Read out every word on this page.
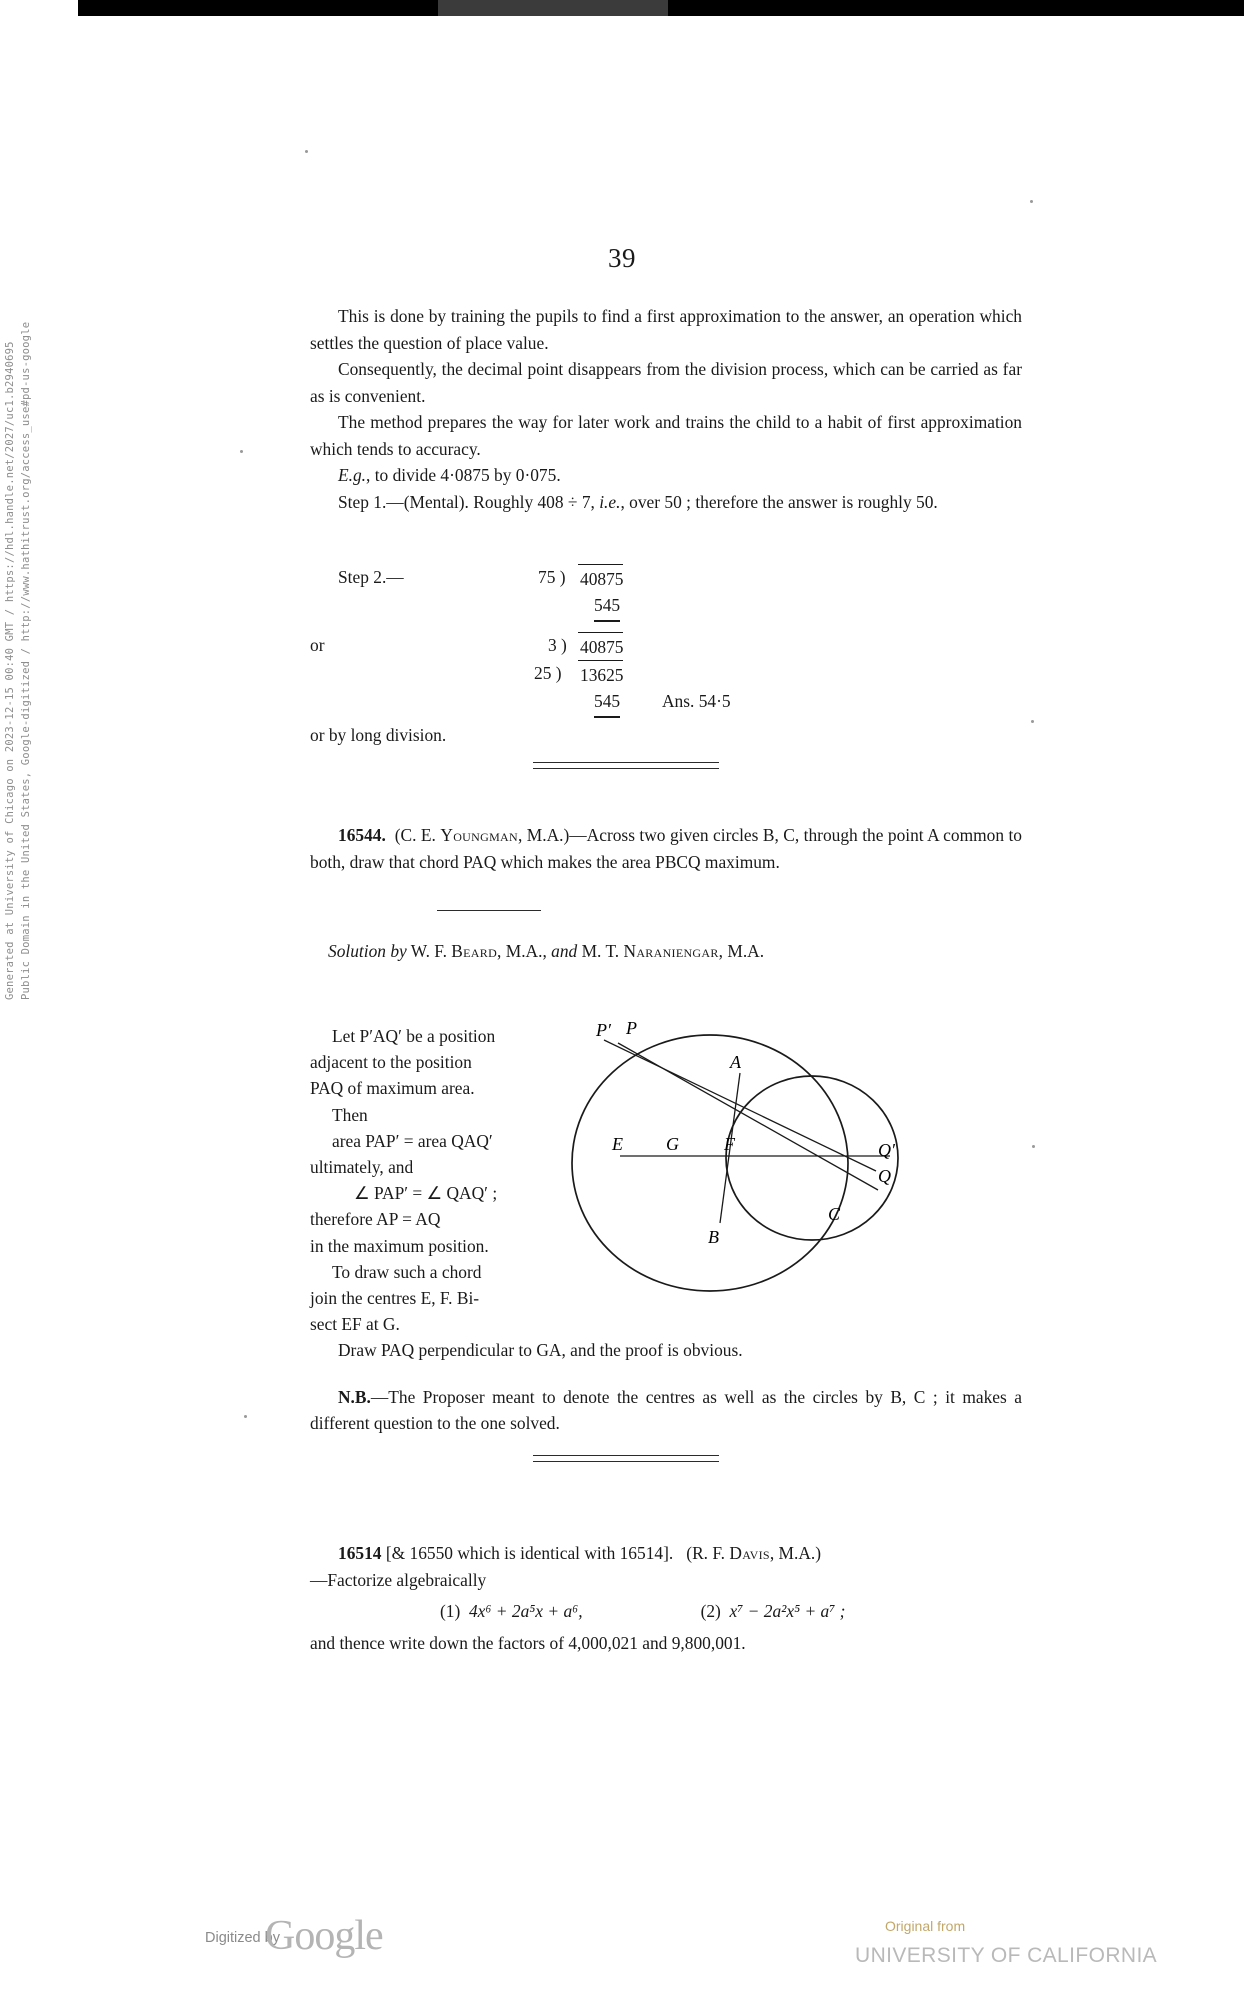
Generated at University of Chicago on 2023-12-15 00:40 GMT / https://hdl.handle.net/2027/uc1.b2940695 Public Domain in the United States, Google-digitized / http://www.hathitrust.org/access_use#pd-us-google
39

This is done by training the pupils to find a first approximation to the answer, an operation which settles the question of place value.

Consequently, the decimal point disappears from the division process, which can be carried as far as is convenient.

The method prepares the way for later work and trains the child to a habit of first approximation which tends to accuracy.

E.g., to divide 4·0875 by 0·075.

Step 1.—(Mental). Roughly 408 ÷ 7, i.e., over 50 ; therefore the answer is roughly 50.

Step 2.—	75 ) 40875
545
or	3 ) 40875
25 ) 13625
545 Ans. 54·5

or by long division.

16544. (C. E. Youngman, M.A.)—Across two given circles B, C, through the point A common to both, draw that chord PAQ which makes the area PBCQ maximum.

Solution by W. F. Beard, M.A., and M. T. Naraniengar, M.A.

Let P′AQ′ be a position

adjacent to the position

PAQ of maximum area.

Then

area PAP′ = area QAQ′

ultimately, and

∠ PAP′ = ∠ QAQ′ ;

therefore AP = AQ

in the maximum position.

To draw such a chord

join the centres E, F. Bi-

sect EF at G.

P′ P
A
E G	F	Q′
Q
B
C

Draw PAQ perpendicular to GA, and the proof is obvious.

N.B.—The Proposer meant to denote the centres as well as the circles by B, C ; it makes a different question to the one solved.

16514 [& 16550 which is identical with 16514]. (R. F. Davis, M.A.)

—Factorize algebraically

(1) 4x⁶ + 2a⁵x + a⁶,	(2) x⁷ − 2a²x⁵ + a⁷ ;

and thence write down the factors of 4,000,021 and 9,800,001.

Digitized by
Google	Original from
UNIVERSITY OF CALIFORNIA
